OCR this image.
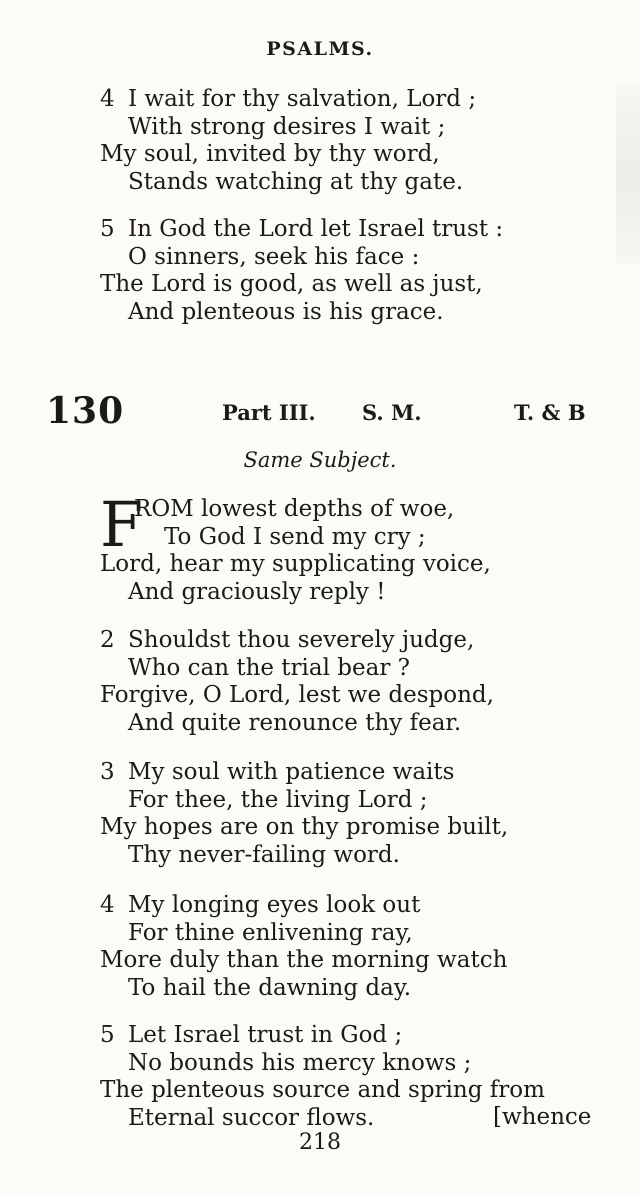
PSALMS.
4 I wait for thy salvation, Lord ;
With strong desires I wait ;
My soul, invited by thy word,
Stands watching at thy gate.
5 In God the Lord let Israel trust :
O sinners, seek his face :
The Lord is good, as well as just,
And plenteous is his grace.
130	Part III. S. M.	T. & B
Same Subject.
F
ROM lowest depths of woe,
To God I send my cry ;
Lord, hear my supplicating voice,
And graciously reply !
2 Shouldst thou severely judge,
Who can the trial bear ?
Forgive, O Lord, lest we despond,
And quite renounce thy fear.
3 My soul with patience waits
For thee, the living Lord ;
My hopes are on thy promise built,
Thy never-failing word.
4 My longing eyes look out
For thine enlivening ray,
More duly than the morning watch
To hail the dawning day.
5 Let Israel trust in God ;
No bounds his mercy knows ;
The plenteous source and spring from
Eternal succor flows.	[whence
218
